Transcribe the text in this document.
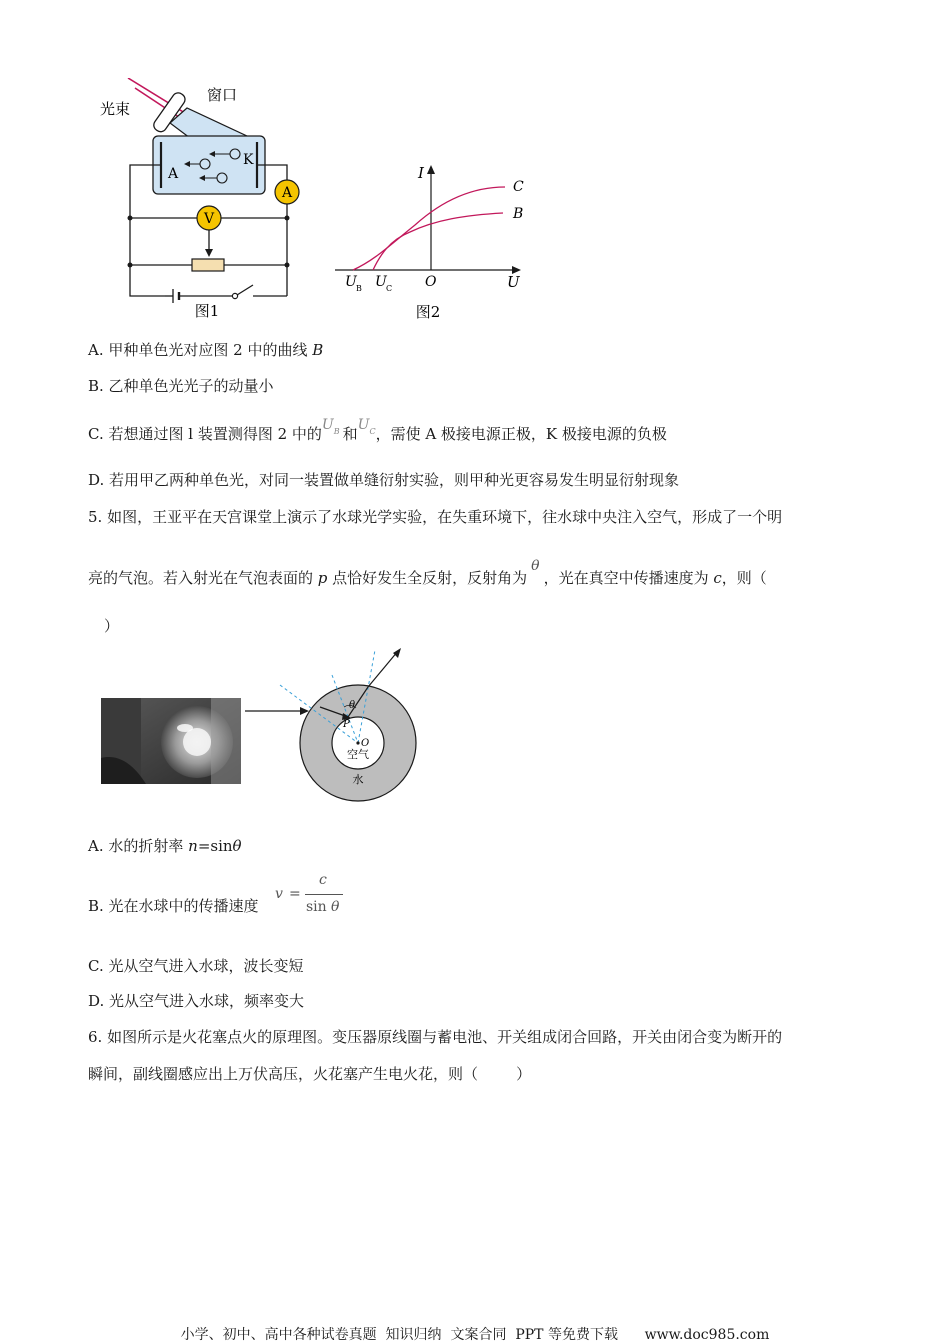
A
V
光束
窗口
A
K
图1
I
U
O
C
B
U B U C
图2
A. 甲种单色光对应图 2 中的曲线 B
B. 乙种单色光光子的动量小
C. 若想通过图 l 装置测得图 2 中的$U^B$ 和$U^C$，需使 A 极接电源正极，K 极接电源的负极
D. 若用甲乙两种单色光，对同一装置做单缝衍射实验，则甲种光更容易发生明显衍射现象
5. 如图，王亚平在天宫课堂上演示了水球光学实验，在失重环境下，往水球中央注入空气，形成了一个明
亮的气泡。若入射光在气泡表面的 p 点恰好发生全反射，反射角为θ，光在真空中传播速度为 c，则（
）
θ
P
O
空气
水
A. 水的折射率 n=sinθ
B. 光在水球中的传播速度
v =
c
sin θ
C. 光从空气进入水球，波长变短
D. 光从空气进入水球，频率变大
6. 如图所示是火花塞点火的原理图。变压器原线圈与蓄电池、开关组成闭合回路，开关由闭合变为断开的
瞬间，副线圈感应出上万伏高压，火花塞产生电火花，则（        ）
小学、初中、高中各种试卷真题  知识归纳  文案合同  PPT 等免费下载      www.doc985.com
